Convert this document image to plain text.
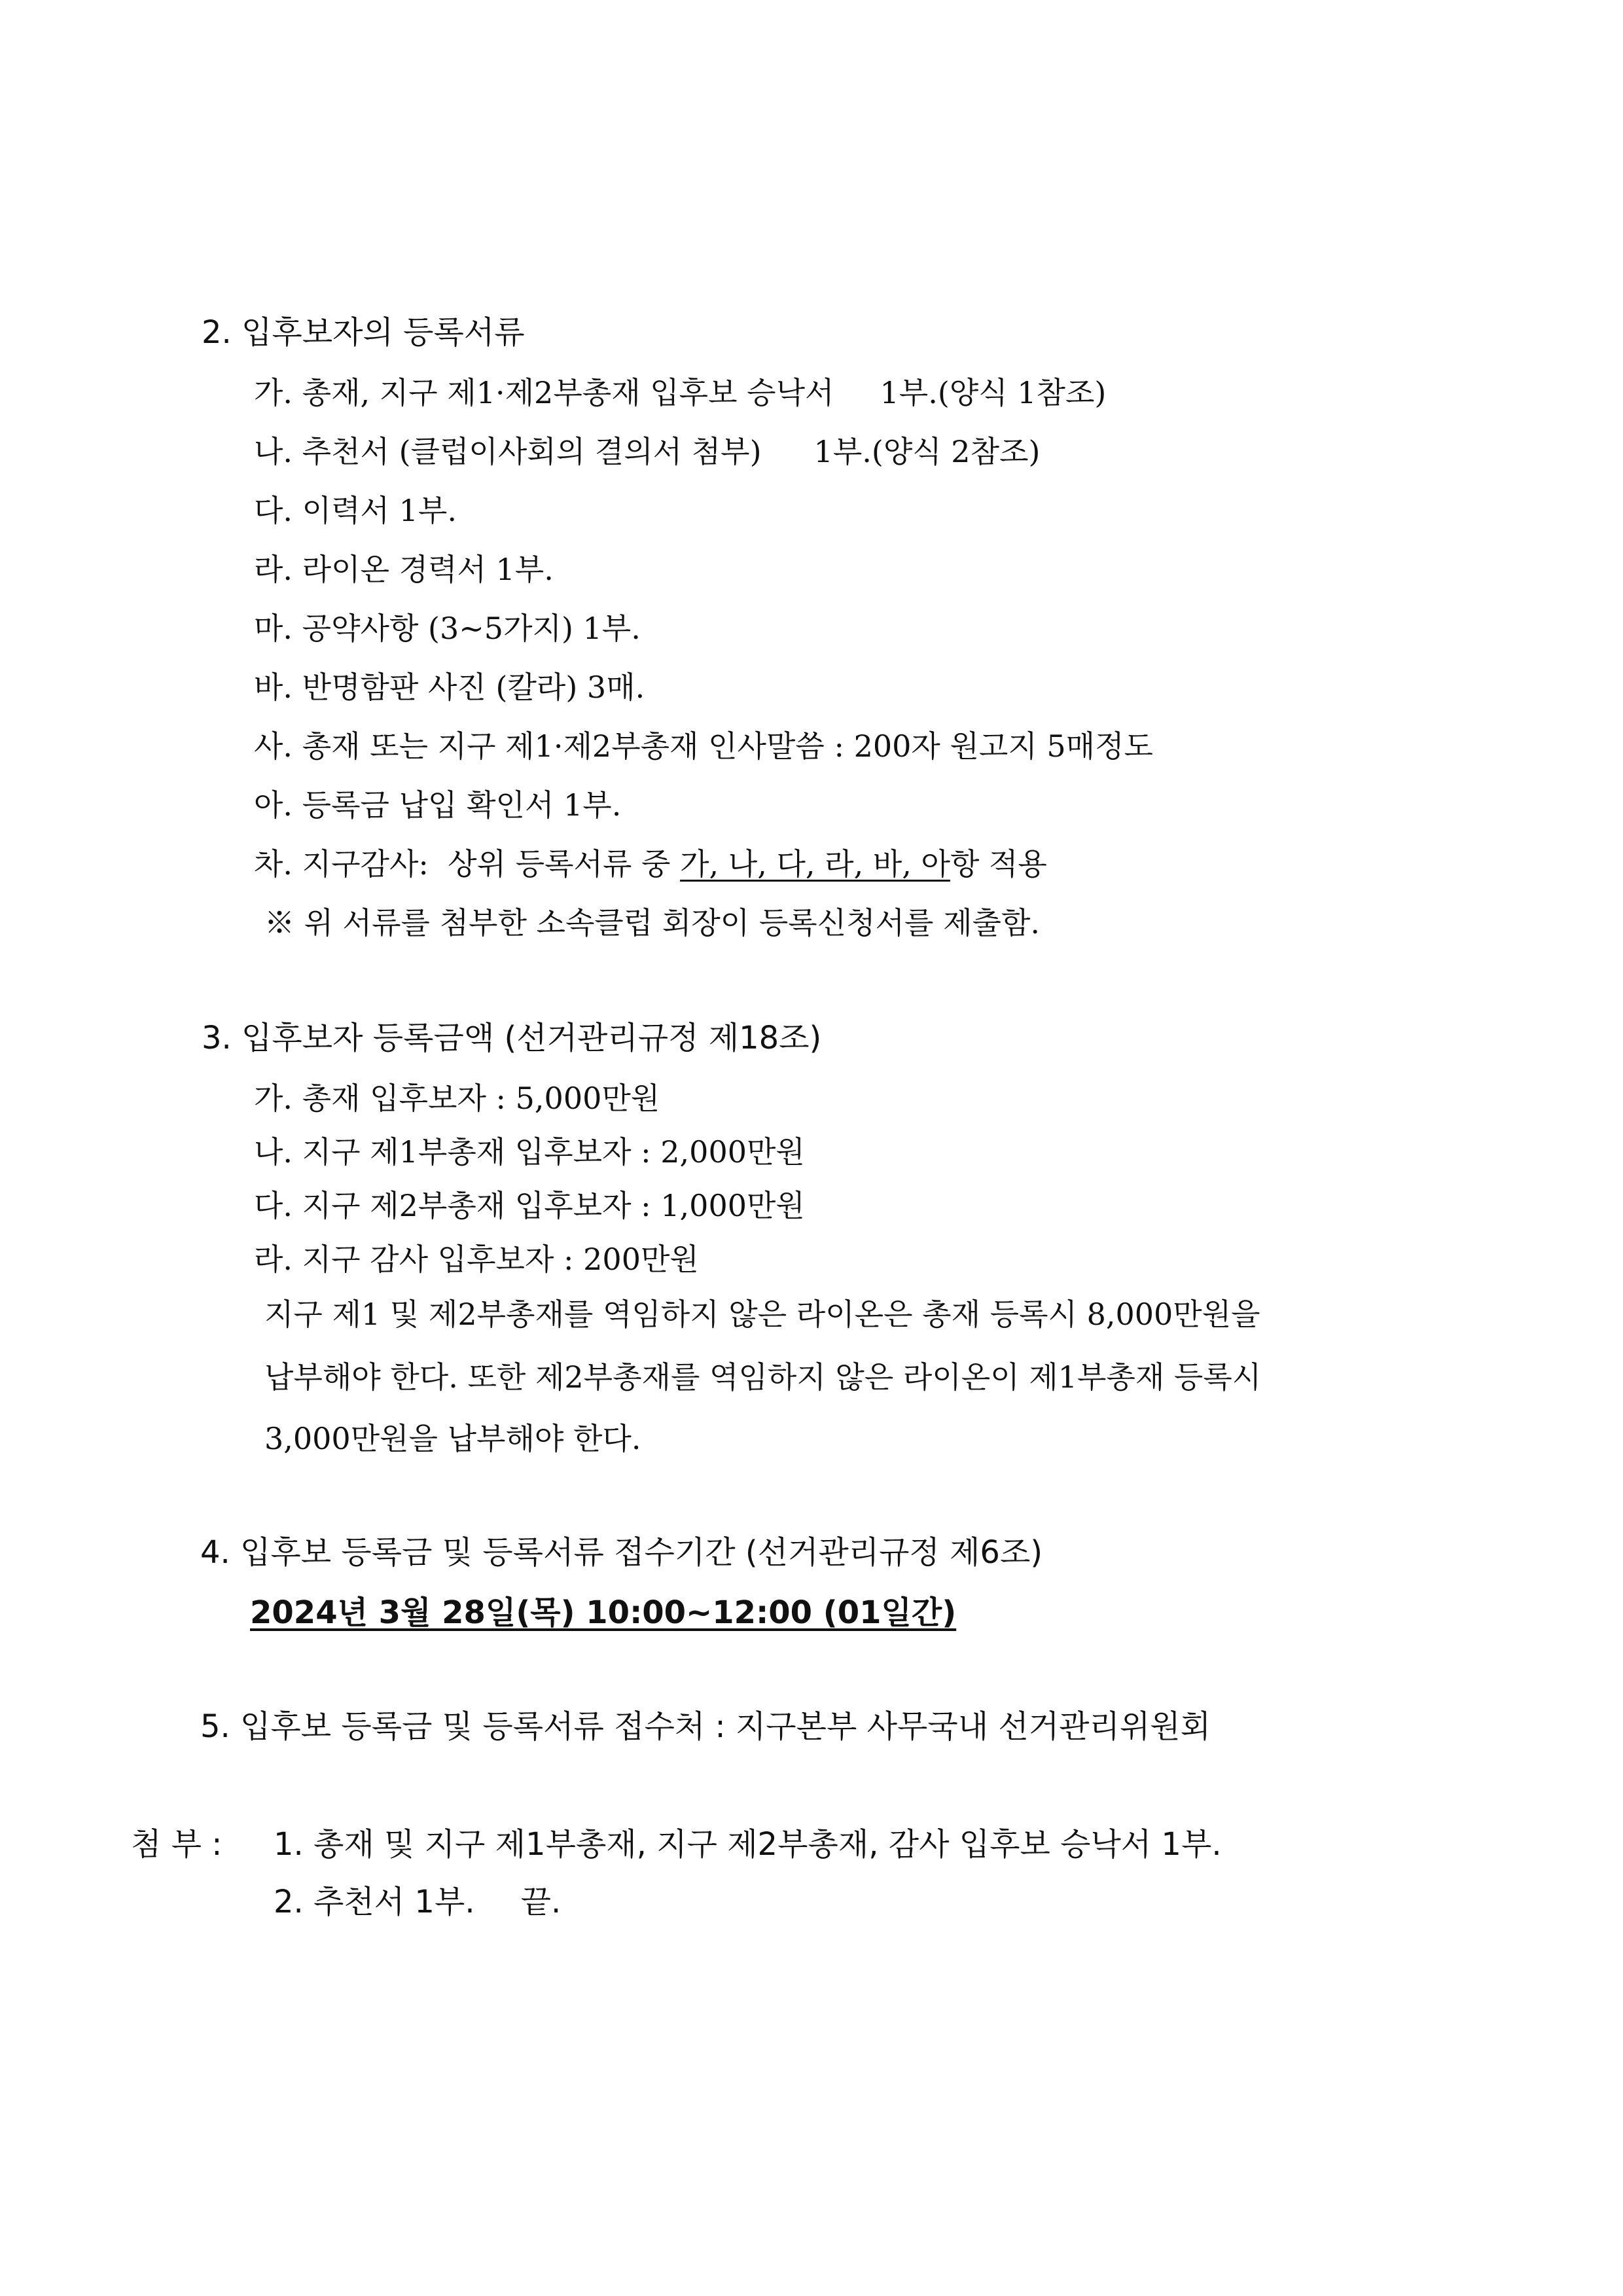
2. 입후보자의 등록서류
가. 총재, 지구 제1·제2부총재 입후보 승낙서 1부.(양식 1참조)
나. 추천서 (클럽이사회의 결의서 첨부) 1부.(양식 2참조)
다. 이력서 1부.
라. 라이온 경력서 1부.
마. 공약사항 (3~5가지) 1부.
바. 반명함판 사진 (칼라) 3매.
사. 총재 또는 지구 제1·제2부총재 인사말씀 : 200자 원고지 5매정도
아. 등록금 납입 확인서 1부.
차. 지구감사:  상위 등록서류 중 가, 나, 다, 라, 바, 아항 적용
※ 위 서류를 첨부한 소속클럽 회장이 등록신청서를 제출함.
3. 입후보자 등록금액 (선거관리규정 제18조)
가. 총재 입후보자 : 5,000만원
나. 지구 제1부총재 입후보자 : 2,000만원
다. 지구 제2부총재 입후보자 : 1,000만원
라. 지구 감사 입후보자 : 200만원
지구 제1 및 제2부총재를 역임하지 않은 라이온은 총재 등록시 8,000만원을
납부해야 한다. 또한 제2부총재를 역임하지 않은 라이온이 제1부총재 등록시
3,000만원을 납부해야 한다.
4. 입후보 등록금 및 등록서류 접수기간 (선거관리규정 제6조)
2024년 3월 28일(목) 10:00~12:00 (01일간)
5. 입후보 등록금 및 등록서류 접수처 : 지구본부 사무국내 선거관리위원회
첨 부 : 1. 총재 및 지구 제1부총재, 지구 제2부총재, 감사 입후보 승낙서 1부.
2. 추천서 1부. 끝.
